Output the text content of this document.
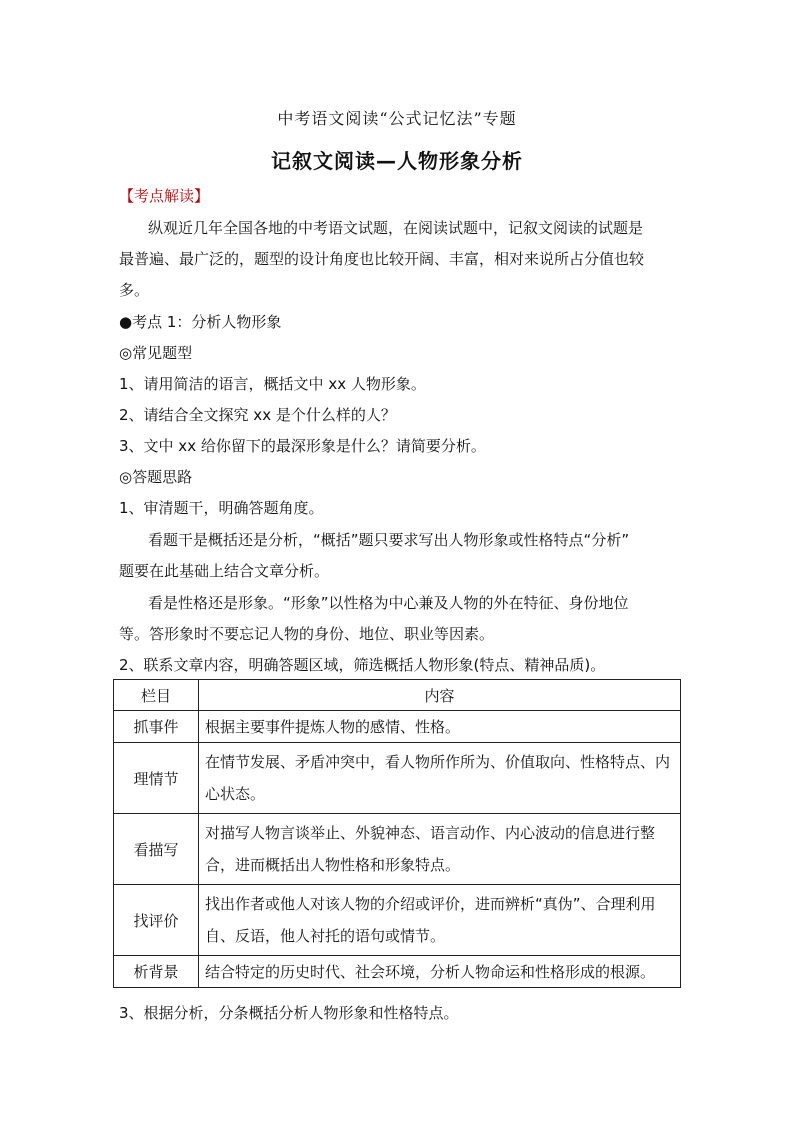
中考语文阅读“公式记忆法”专题
记叙文阅读—人物形象分析
【考点解读】
纵观近几年全国各地的中考语文试题，在阅读试题中，记叙文阅读的试题是
最普遍、最广泛的，题型的设计角度也比较开阔、丰富，相对来说所占分值也较
多。
●考点 1：分析人物形象
◎常见题型
1、请用简洁的语言，概括文中 xx 人物形象。
2、请结合全文探究 xx 是个什么样的人？
3、文中 xx 给你留下的最深形象是什么？请简要分析。
◎答题思路
1、审清题干，明确答题角度。
看题干是概括还是分析，“概括”题只要求写出人物形象或性格特点“分析”
题要在此基础上结合文章分析。
看是性格还是形象。“形象”以性格为中心兼及人物的外在特征、身份地位
等。答形象时不要忘记人物的身份、地位、职业等因素。
2、联系文章内容，明确答题区域，筛选概括人物形象(特点、精神品质)。
栏目	内容
抓事件	根据主要事件提炼人物的感情、性格。
理情节	在情节发展、矛盾冲突中，看人物所作所为、价值取向、性格特点、内心状态。
看描写	对描写人物言谈举止、外貌神态、语言动作、内心波动的信息进行整合，进而概括出人物性格和形象特点。
找评价	找出作者或他人对该人物的介绍或评价，进而辨析“真伪”、合理利用自、反语，他人衬托的语句或情节。
析背景	结合特定的历史时代、社会环境，分析人物命运和性格形成的根源。
3、根据分析，分条概括分析人物形象和性格特点。
